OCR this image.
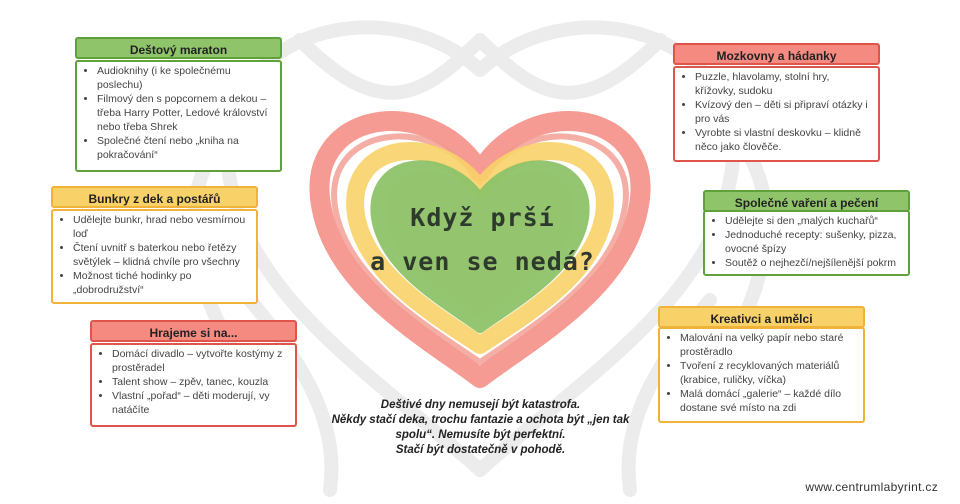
Když prší
a ven se nedá?
Deštový maraton
• Audioknihy (i ke společnému poslechu)
• Filmový den s popcornem a dekou – třeba Harry Potter, Ledové království nebo třeba Shrek
• Společné čtení nebo „kniha na pokračování“
Bunkry z dek a postářů
• Udělejte bunkr, hrad nebo vesmírnou loď
• Čtení uvnitř s baterkou nebo řetězy světýlek – klidná chvíle pro všechny
• Možnost tiché hodinky po „dobrodružství“
Hrajeme si na...
• Domácí divadlo – vytvořte kostýmy z prostěradel
• Talent show – zpěv, tanec, kouzla
• Vlastní „pořad“ – děti moderují, vy natáčíte
Mozkovny a hádanky
• Puzzle, hlavolamy, stolní hry, křížovky, sudoku
• Kvízový den – děti si připraví otázky i pro vás
• Vyrobte si vlastní deskovku – klidně něco jako člověče.
Společné vaření a pečení
• Udělejte si den „malých kuchařů“
• Jednoduché recepty: sušenky, pizza, ovocné špízy
• Soutěž o nejhezčí/nejšílenější pokrm
Kreativci a umělci
• Malování na velký papír nebo staré prostěradlo
• Tvoření z recyklovaných materiálů (krabice, ruličky, víčka)
• Malá domácí „galerie“ – každé dílo dostane své místo na zdi
Deštivé dny nemusejí být katastrofa.
Někdy stačí deka, trochu fantazie a ochota být „jen tak
spolu“. Nemusíte být perfektní.
Stačí být dostatečně v pohodě.
www.centrumlabyrint.cz
